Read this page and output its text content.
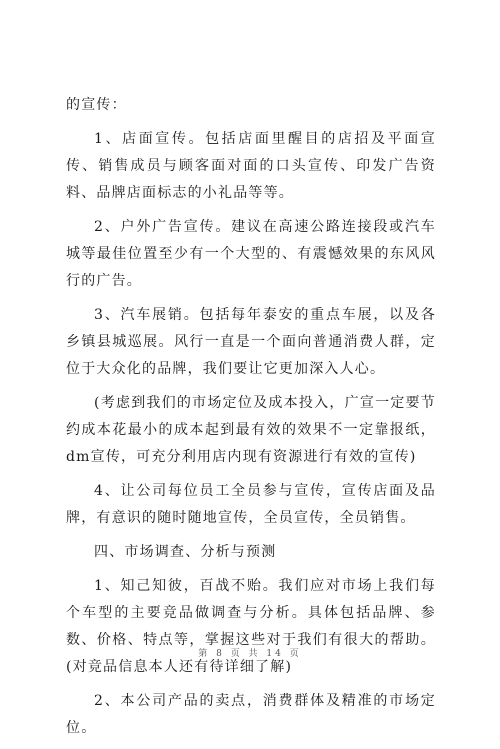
的宣传：

1、店面宣传。包括店面里醒目的店招及平面宣传、销售成员与顾客面对面的口头宣传、印发广告资料、品牌店面标志的小礼品等等。

2、户外广告宣传。建议在高速公路连接段或汽车城等最佳位置至少有一个大型的、有震憾效果的东风风行的广告。

3、汽车展销。包括每年泰安的重点车展，以及各乡镇县城巡展。风行一直是一个面向普通消费人群，定位于大众化的品牌，我们要让它更加深入人心。

(考虑到我们的市场定位及成本投入，广宣一定要节约成本花最小的成本起到最有效的效果不一定靠报纸，dm宣传，可充分利用店内现有资源进行有效的宣传)

4、让公司每位员工全员参与宣传，宣传店面及品牌，有意识的随时随地宣传，全员宣传，全员销售。

四、市场调查、分析与预测

1、知己知彼，百战不贻。我们应对市场上我们每个车型的主要竞品做调查与分析。具体包括品牌、参数、价格、特点等，掌握这些对于我们有很大的帮助。(对竞品信息本人还有待详细了解)

2、本公司产品的卖点，消费群体及精准的市场定位。

第 8 页 共 14 页
